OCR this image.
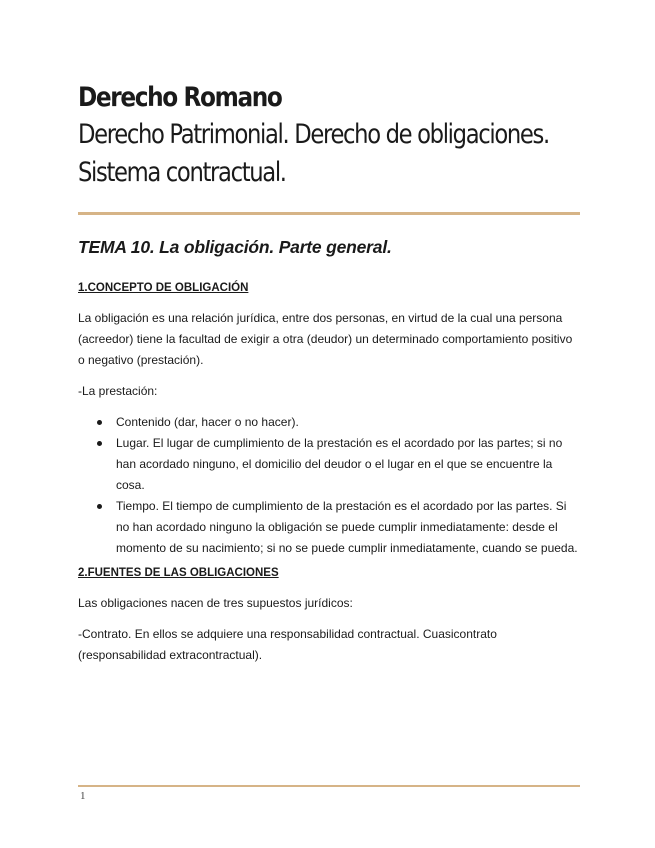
Derecho Romano
Derecho Patrimonial. Derecho de obligaciones.
Sistema contractual.
TEMA 10. La obligación. Parte general.
1.CONCEPTO DE OBLIGACIÓN

La obligación es una relación jurídica, entre dos personas, en virtud de la cual una persona (acreedor) tiene la facultad de exigir a otra (deudor) un determinado comportamiento positivo o negativo (prestación).

-La prestación:

Contenido (dar, hacer o no hacer).
Lugar. El lugar de cumplimiento de la prestación es el acordado por las partes; si no han acordado ninguno, el domicilio del deudor o el lugar en el que se encuentre la cosa.
Tiempo. El tiempo de cumplimiento de la prestación es el acordado por las partes. Si no han acordado ninguno la obligación se puede cumplir inmediatamente: desde el momento de su nacimiento; si no se puede cumplir inmediatamente, cuando se pueda.
2.FUENTES DE LAS OBLIGACIONES

Las obligaciones nacen de tres supuestos jurídicos:

-Contrato. En ellos se adquiere una responsabilidad contractual. Cuasicontrato (responsabilidad extracontractual).

1
